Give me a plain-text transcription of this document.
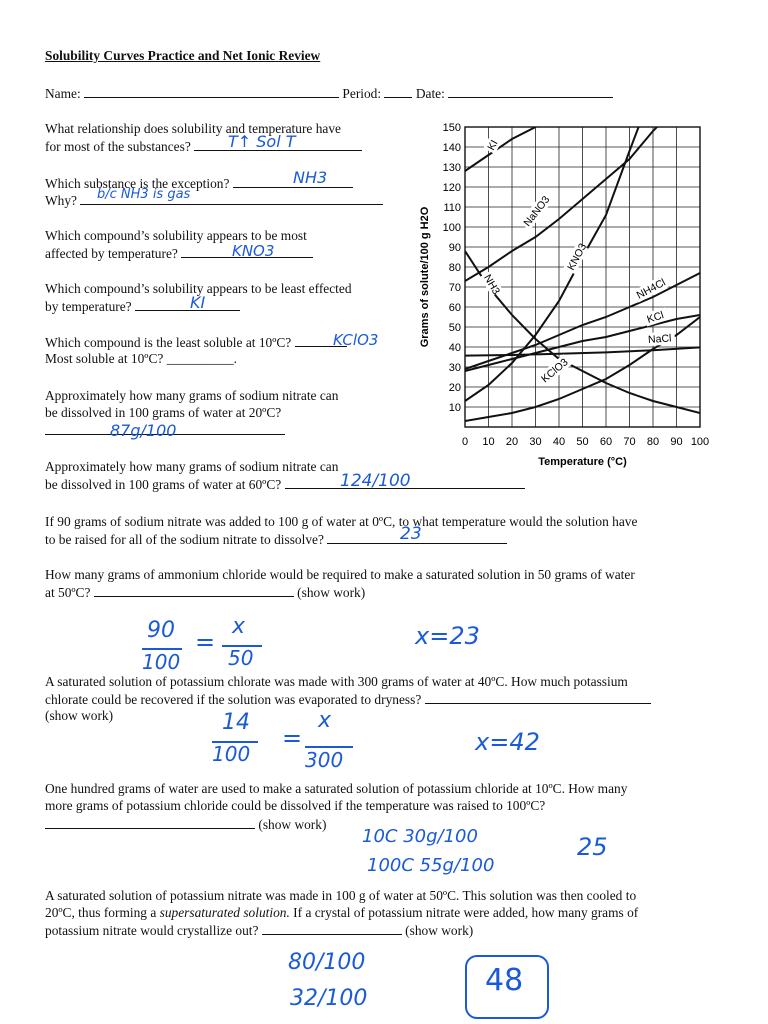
Solubility Curves Practice and Net Ionic Review
Name:	Period:	Date:
What relationship does solubility and temperature have
for most of the substances?	T↑ Sol T
Which substance is the exception?
Why?
NH3
b/c NH3 is gas
Which compound’s solubility appears to be most
affected by temperature?	KNO3
Which compound’s solubility appears to be least effected
by temperature?	KI
Which compound is the least soluble at 10ºC?
Most soluble at 10ºC? __________.
KClO3
Approximately how many grams of sodium nitrate can
be dissolved in 100 grams of water at 20ºC?
87g/100
Approximately how many grams of sodium nitrate can
be dissolved in 100 grams of water at 60ºC?	124/100
If 90 grams of sodium nitrate was added to 100 g of water at 0ºC, to what temperature would the solution have
to be raised for all of the sodium nitrate to dissolve?	23
How many grams of ammonium chloride would be required to make a saturated solution in 50 grams of water
at 50ºC?	(show work)
90
100
=
x
50
x=23
A saturated solution of potassium chlorate was made with 300 grams of water at 40ºC. How much potassium
chlorate could be recovered if the solution was evaporated to dryness?
(show work)	14
100
=
x
300
x=42
One hundred grams of water are used to make a saturated solution of potassium chloride at 10ºC. How many
more grams of potassium chloride could be dissolved if the temperature was raised to 100ºC?
(show work)
10C 30g/100
100C 55g/100
25
A saturated solution of potassium nitrate was made in 100 g of water at 50ºC. This solution was then cooled to
20ºC, thus forming a supersaturated solution. If a crystal of potassium nitrate were added, how many grams of
potassium nitrate would crystallize out?	(show work)
80/100
32/100
48
0 10 20 30 40 50 60 70 80 90 100
10
20
30
40
50
60
70
80
90
100
110
120
130
140
150
Temperature (°C)
Grams of solute/100 g H2O
KI
NaNO3
KNO3
NH3	NH4Cl
KCl
NaCl
KClO3
